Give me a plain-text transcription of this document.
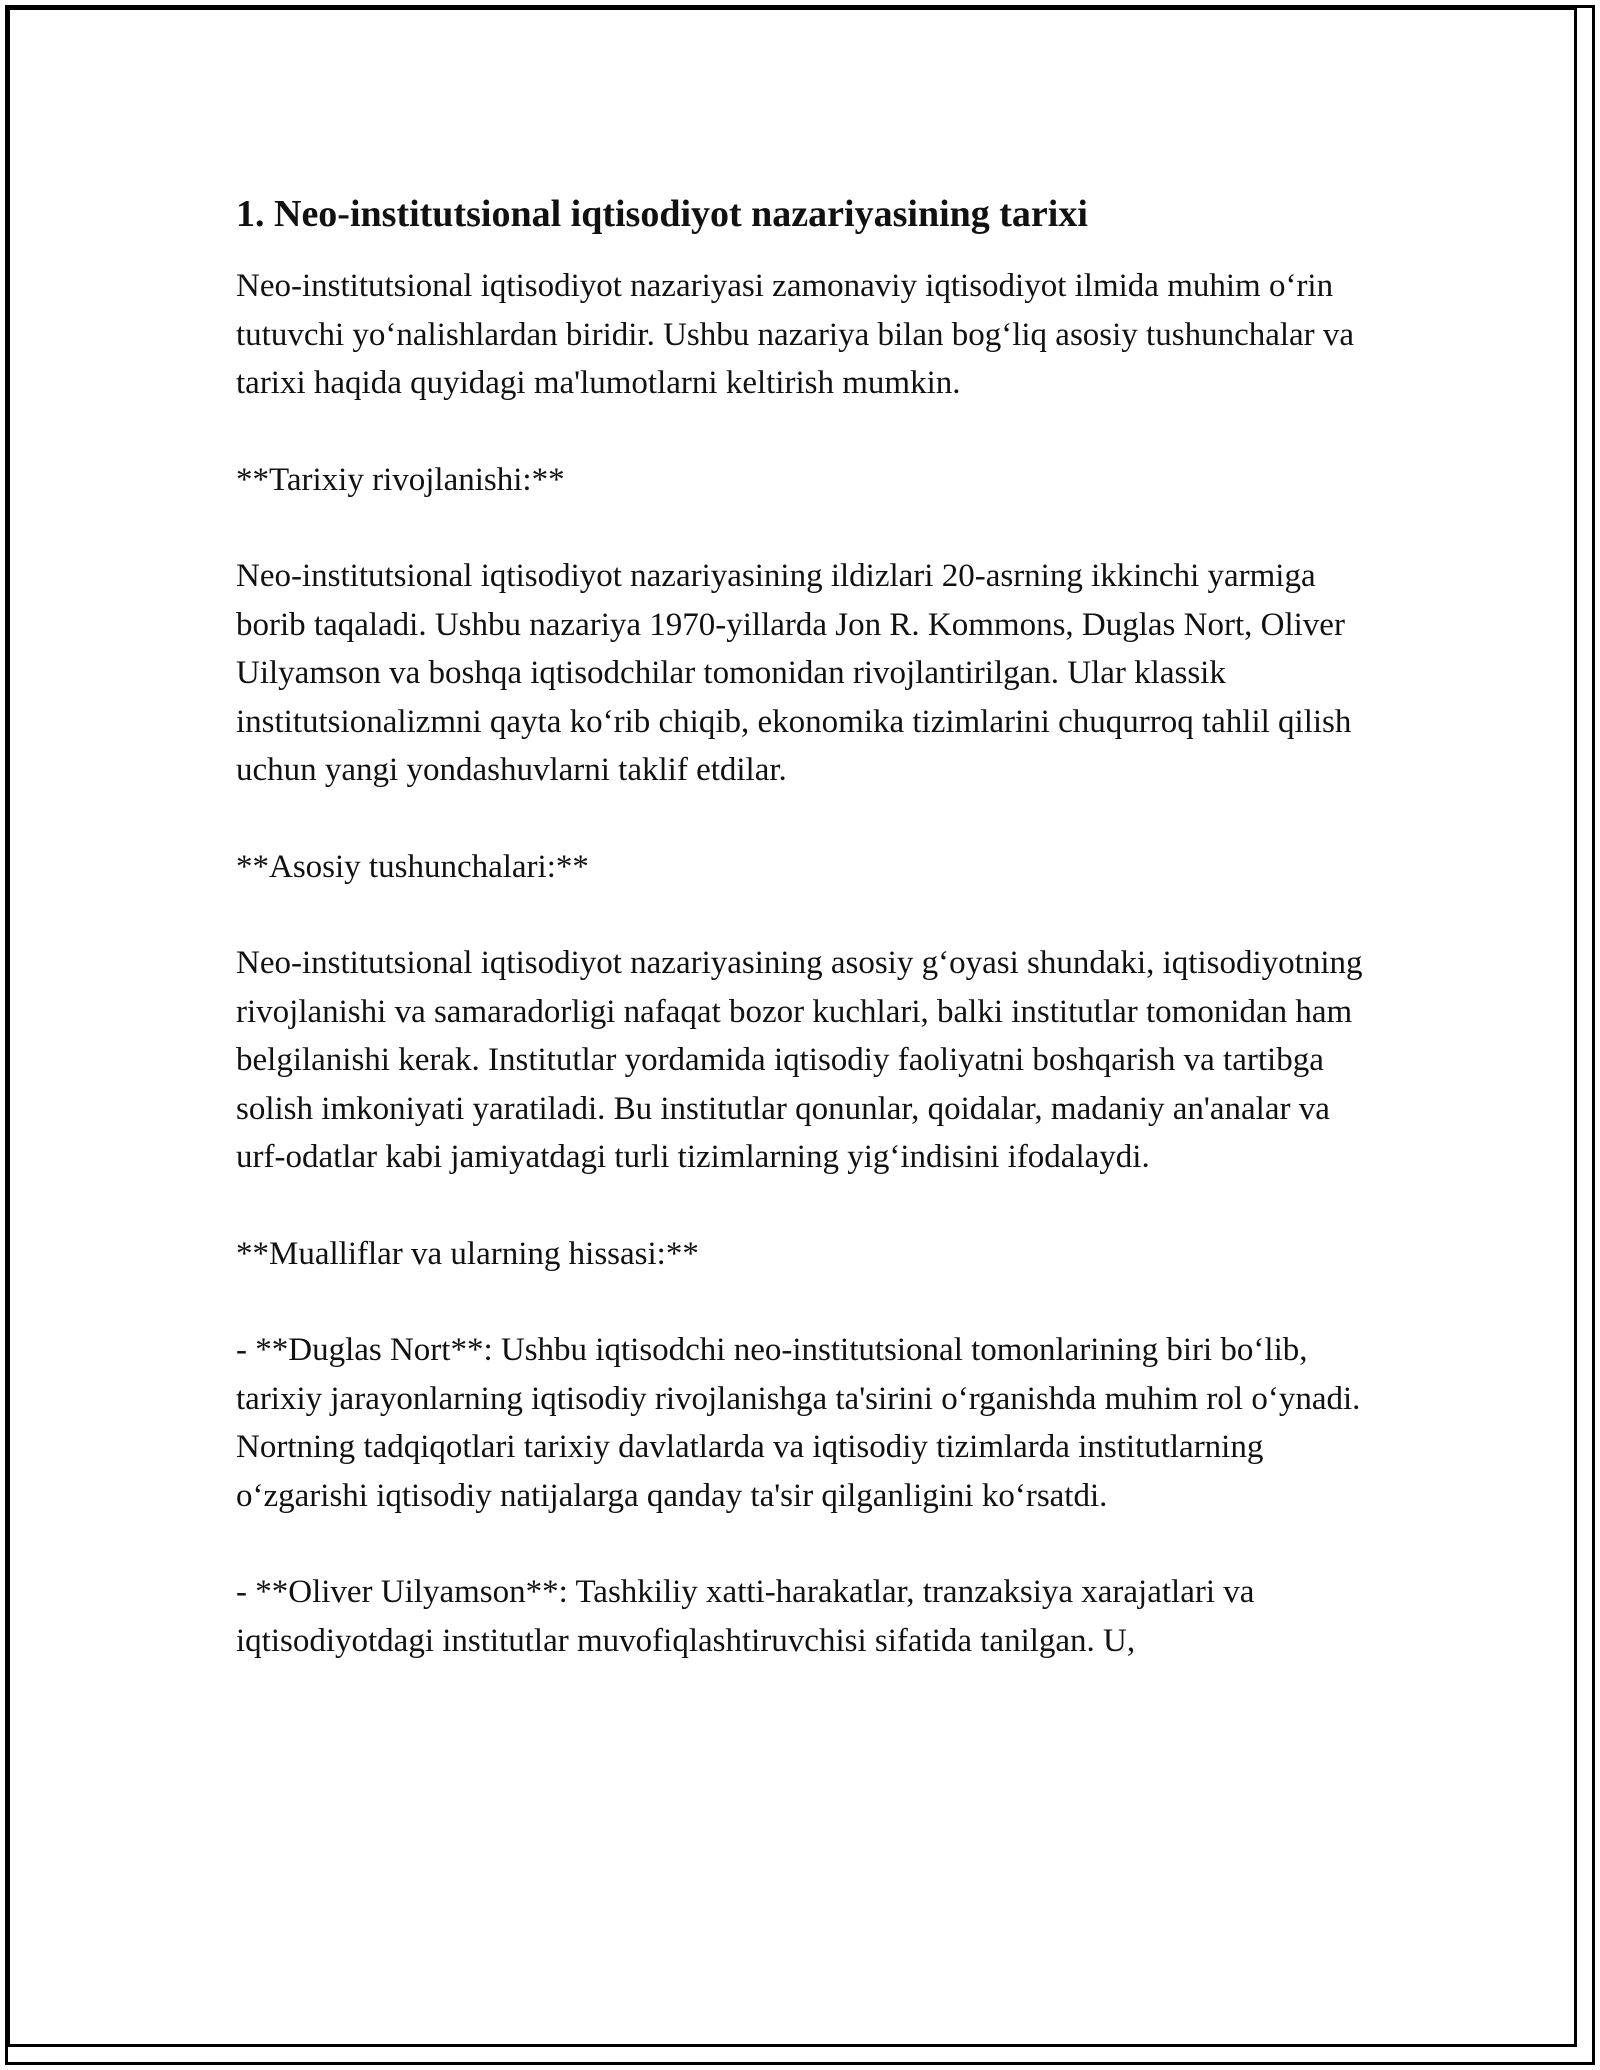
1. Neo-institutsional iqtisodiyot nazariyasining tarixi

Neo-institutsional iqtisodiyot nazariyasi zamonaviy iqtisodiyot ilmida muhim o‘rin tutuvchi yo‘nalishlardan biridir. Ushbu nazariya bilan bog‘liq asosiy tushunchalar va tarixi haqida quyidagi ma'lumotlarni keltirish mumkin.

**Tarixiy rivojlanishi:**

Neo-institutsional iqtisodiyot nazariyasining ildizlari 20-asrning ikkinchi yarmiga borib taqaladi. Ushbu nazariya 1970-yillarda Jon R. Kommons, Duglas Nort, Oliver Uilyamson va boshqa iqtisodchilar tomonidan rivojlantirilgan. Ular klassik institutsionalizmni qayta ko‘rib chiqib, ekonomika tizimlarini chuqurroq tahlil qilish uchun yangi yondashuvlarni taklif etdilar.

**Asosiy tushunchalari:**

Neo-institutsional iqtisodiyot nazariyasining asosiy g‘oyasi shundaki, iqtisodiyotning rivojlanishi va samaradorligi nafaqat bozor kuchlari, balki institutlar tomonidan ham belgilanishi kerak. Institutlar yordamida iqtisodiy faoliyatni boshqarish va tartibga solish imkoniyati yaratiladi. Bu institutlar qonunlar, qoidalar, madaniy an'analar va urf-odatlar kabi jamiyatdagi turli tizimlarning yig‘indisini ifodalaydi.

**Mualliflar va ularning hissasi:**

- **Duglas Nort**: Ushbu iqtisodchi neo-institutsional tomonlarining biri bo‘lib, tarixiy jarayonlarning iqtisodiy rivojlanishga ta'sirini o‘rganishda muhim rol o‘ynadi. Nortning tadqiqotlari tarixiy davlatlarda va iqtisodiy tizimlarda institutlarning o‘zgarishi iqtisodiy natijalarga qanday ta'sir qilganligini ko‘rsatdi.

- **Oliver Uilyamson**: Tashkiliy xatti-harakatlar, tranzaksiya xarajatlari va iqtisodiyotdagi institutlar muvofiqlashtiruvchisi sifatida tanilgan. U,
